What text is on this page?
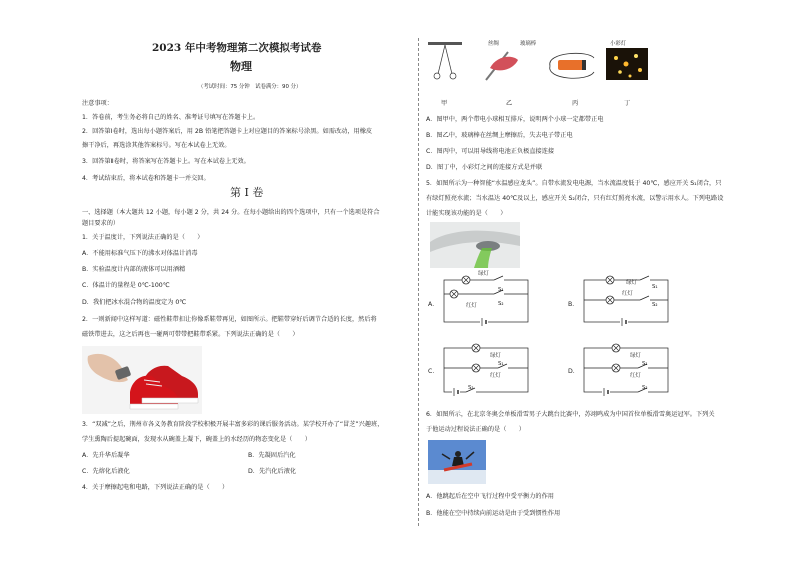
2023 年中考物理第二次模拟考试卷
物理
（考试时间：75 分钟　试卷满分：90 分）
注意事项：
1．答卷前，考生务必将自己的姓名、准考证号填写在答题卡上。
2．回答第Ⅰ卷时，选出每小题答案后，用 2B 铅笔把答题卡上对应题目的答案标号涂黑。如需改动，用橡皮
擦干净后，再选涂其他答案标号。写在本试卷上无效。
3．回答第Ⅱ卷时，将答案写在答题卡上。写在本试卷上无效。
4．考试结束后，将本试卷和答题卡一并交回。
第 Ⅰ 卷
一、选择题（本大题共 12 小题，每小题 2 分，共 24 分。在每小题给出的四个选项中，只有一个选项是符合
题目要求的）
1．关于温度计，下列说法正确的是（　　）
A．不能用标准气压下的沸水对体温计消毒
B．实验温度计内部的液体可以用酒精
C．体温计的量程是 0℃-100℃
D．我们把冰水混合物的温度定为 0℃
2．一则新闻中这样写道：磁性鞋带扣让你像系鞋带再见，如图所示。把鞋带穿好后调节合适的长度，然后将
磁铁带进去，这之后再也一碰两可带带把鞋带系紧。下列说法正确的是（　　）
3．“双减”之后，荆州市各义务教育阶段学校积极开展丰富多彩的课后服务活动。某学校开办了“冒芝”兴趣班，
学生熏陶后提起碗面，发现水从碗盖上凝下，碗盖上的水经历的物态变化是（　　）
A．先升华后凝华	B．先凝固后汽化
C．先熔化后液化	D．先汽化后液化
4．关于摩擦起电和电路，下列说法正确的是（　　）
丝绸	玻璃棒	小彩灯
甲	乙	丙	丁
A．图甲中，两个带电小球相互排斥，说明两个小球一定都带正电
B．图乙中，玻璃棒在丝绸上摩擦后，失去电子带正电
C．图丙中，可以用导线将电池正负极直接连接
D．图丁中，小彩灯之间的连接方式是并联
5．如图所示为一种智能“水温感应龙头”。自带水流发电电源，当水流温度低于 40℃，感应开关 S₁闭合，只
有绿灯照亮水流；当水温达 40℃及以上，感应开关 S₂闭合，只有红灯照亮水流，以警示用水人。下列电路设
计能实现该功能的是（　　）
A．	B．
C．	D．
绿灯
红灯
S₁
S₂
绿灯
红灯
S₁
S₂
绿灯
红灯
S₁
S₂
绿灯
红灯
S₁
S₂
6．如图所示，在北京冬奥会单板滑雪男子大跳台比赛中，苏翊鸣成为中国首位单板滑雪奥运冠军。下列关
于他运动过程说法正确的是（　　）
A．他跳起后在空中飞行过程中受平衡力的作用
B．他能在空中持续向前运动是由于受到惯性作用
